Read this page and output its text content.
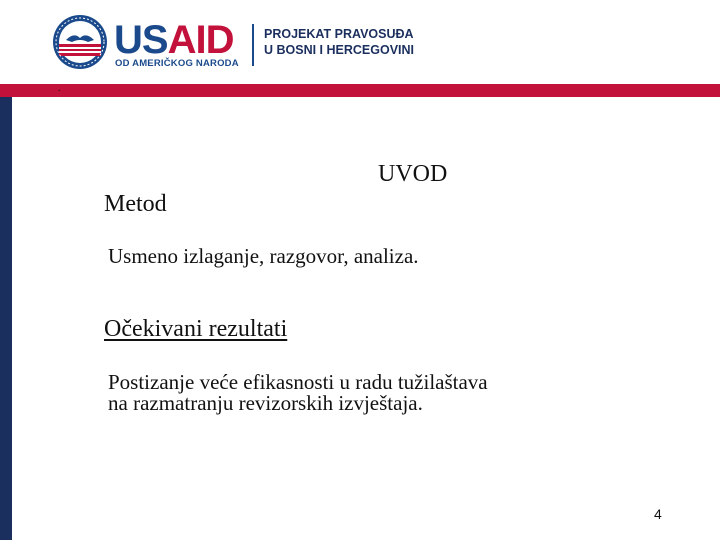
USAID
OD AMERIČKOG NARODA
PROJEKAT PRAVOSUĐA
U BOSNI I HERCEGOVINI
.
UVOD
Metod
Usmeno izlaganje, razgovor, analiza.
Očekivani rezultati
Postizanje veće efikasnosti u radu tužilaštava
na razmatranju revizorskih izvještaja.
4
